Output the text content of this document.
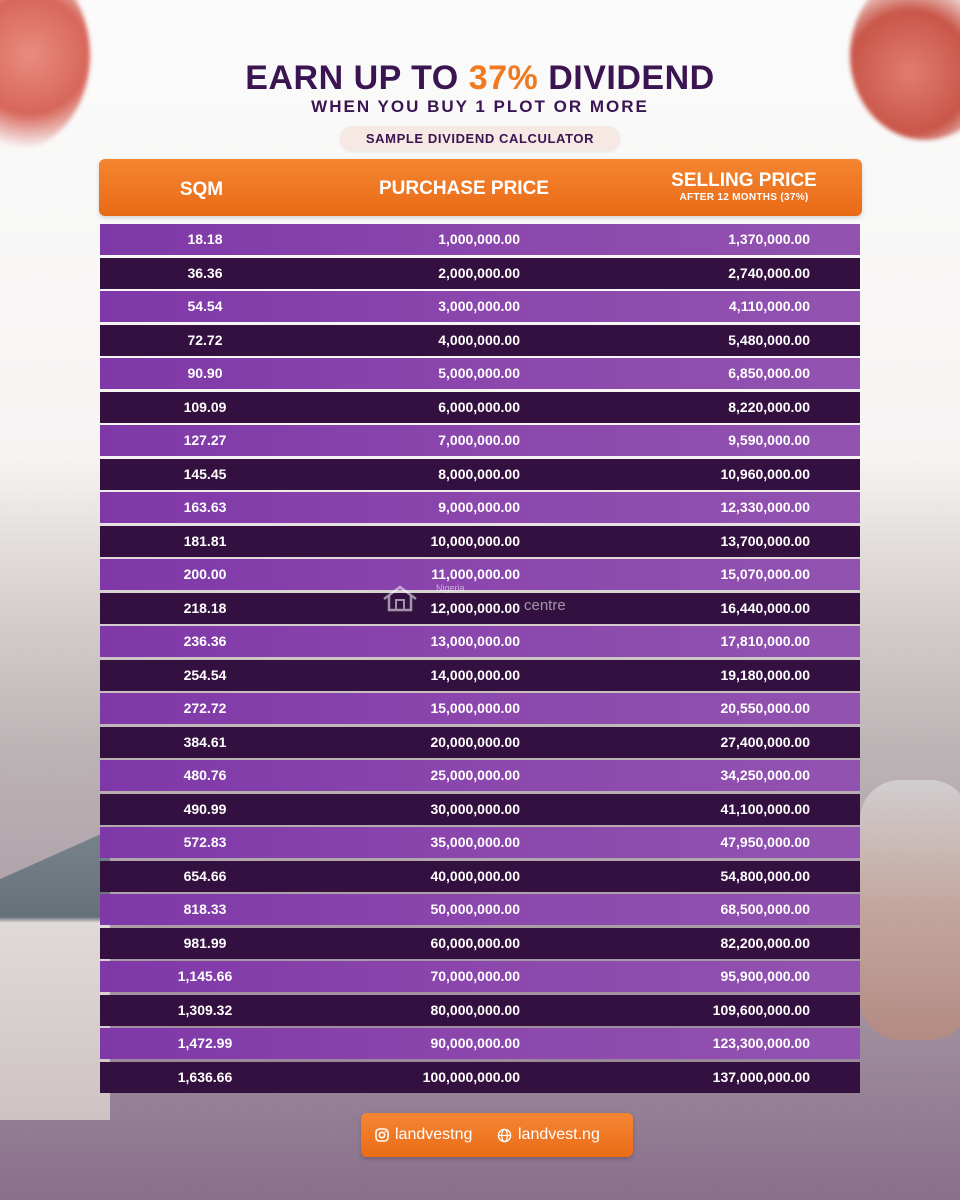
EARN UP TO 37% DIVIDEND
WHEN YOU BUY 1 PLOT OR MORE
SAMPLE DIVIDEND CALCULATOR
SQM	PURCHASE PRICE	SELLING PRICE
AFTER 12 MONTHS (37%)
18.18	1,000,000.00	1,370,000.00
36.36	2,000,000.00	2,740,000.00
54.54	3,000,000.00	4,110,000.00
72.72	4,000,000.00	5,480,000.00
90.90	5,000,000.00	6,850,000.00
109.09	6,000,000.00	8,220,000.00
127.27	7,000,000.00	9,590,000.00
145.45	8,000,000.00	10,960,000.00
163.63	9,000,000.00	12,330,000.00
181.81	10,000,000.00	13,700,000.00
200.00	11,000,000.00	15,070,000.00
218.18	12,000,000.00	16,440,000.00
236.36	13,000,000.00	17,810,000.00
254.54	14,000,000.00	19,180,000.00
272.72	15,000,000.00	20,550,000.00
384.61	20,000,000.00	27,400,000.00
480.76	25,000,000.00	34,250,000.00
490.99	30,000,000.00	41,100,000.00
572.83	35,000,000.00	47,950,000.00
654.66	40,000,000.00	54,800,000.00
818.33	50,000,000.00	68,500,000.00
981.99	60,000,000.00	82,200,000.00
1,145.66	70,000,000.00	95,900,000.00
1,309.32	80,000,000.00	109,600,000.00
1,472.99	90,000,000.00	123,300,000.00
1,636.66	100,000,000.00	137,000,000.00
Nigeria
centre
landvestng	landvest.ng
